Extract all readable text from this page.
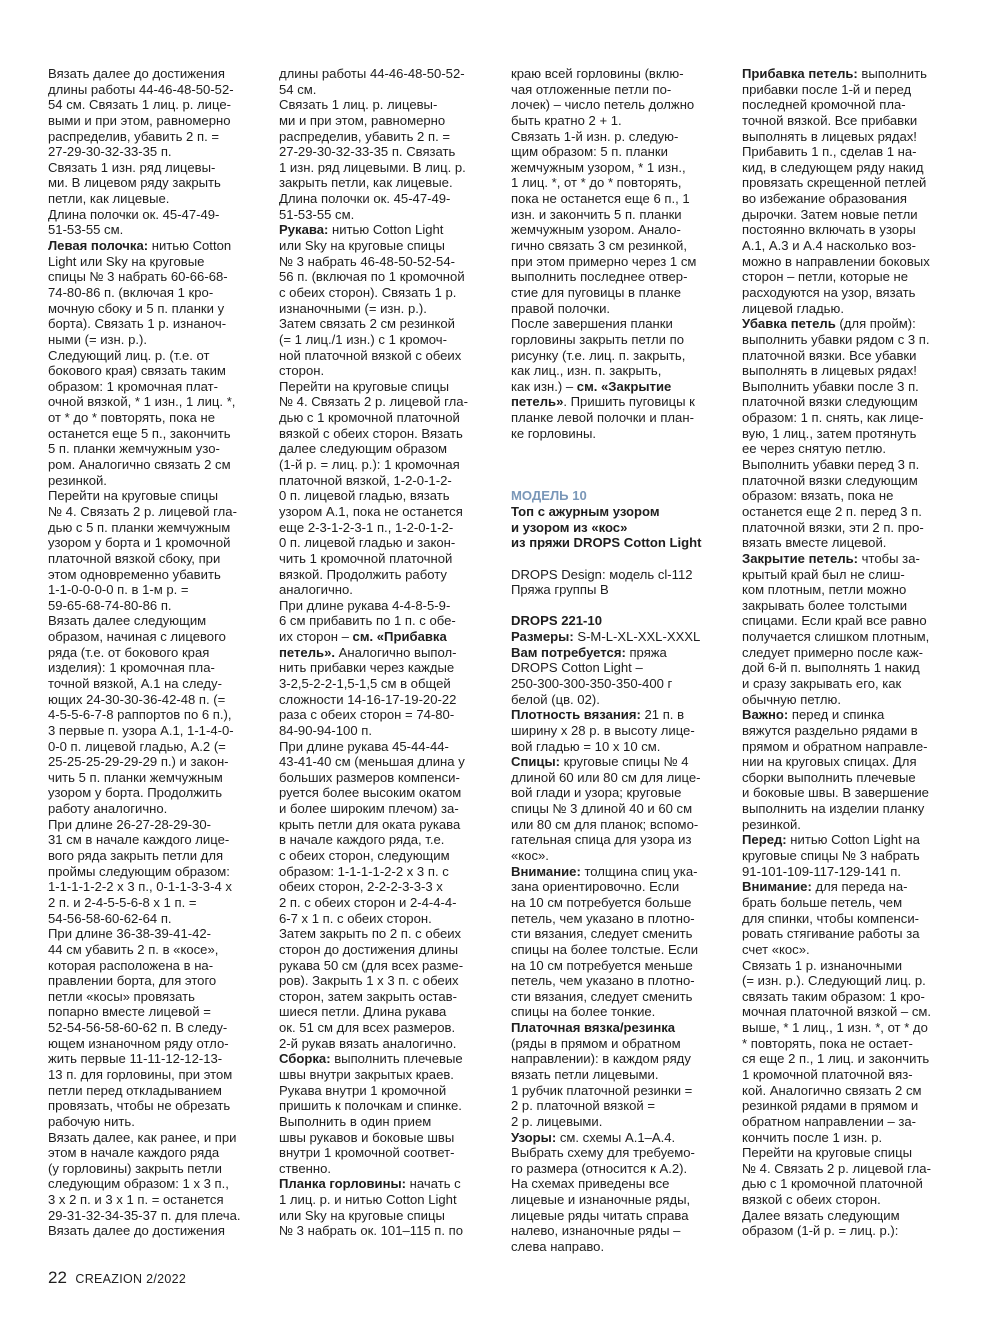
Вязать далее до достижения
длины работы 44-46-48-50-52-
54 см. Связать 1 лиц. р. лице-
выми и при этом, равномерно
распределив, убавить 2 п. =
27-29-30-32-33-35 п.
Связать 1 изн. ряд лицевы-
ми. В лицевом ряду закрыть
петли, как лицевые.
Длина полочки ок. 45-47-49-
51-53-55 см.
Левая полочка: нитью Cotton
Light или Sky на круговые
спицы № 3 набрать 60-66-68-
74-80-86 п. (включая 1 кро-
мочную сбоку и 5 п. планки у
борта). Связать 1 р. изнаноч-
ными (= изн. р.).
Следующий лиц. р. (т.е. от
бокового края) связать таким
образом: 1 кромочная плат-
очной вязкой, * 1 изн., 1 лиц. *,
от * до * повторять, пока не
останется еще 5 п., закончить
5 п. планки жемчужным узо-
ром. Аналогично связать 2 см
резинкой.
Перейти на круговые спицы
№ 4. Связать 2 р. лицевой гла-
дью с 5 п. планки жемчужным
узором у борта и 1 кромочной
платочной вязкой сбоку, при
этом одновременно убавить
1-1-0-0-0-0 п. в 1-м р. =
59-65-68-74-80-86 п.
Вязать далее следующим
образом, начиная с лицевого
ряда (т.е. от бокового края
изделия): 1 кромочная пла-
точной вязкой, А.1 на следу-
ющих 24-30-30-36-42-48 п. (=
4-5-5-6-7-8 раппортов по 6 п.),
3 первые п. узора А.1, 1-1-4-0-
0-0 п. лицевой гладью, А.2 (=
25-25-25-29-29-29 п.) и закон-
чить 5 п. планки жемчужным
узором у борта. Продолжить
работу аналогично.
При длине 26-27-28-29-30-
31 см в начале каждого лице-
вого ряда закрыть петли для
проймы следующим образом:
1-1-1-1-2-2 х 3 п., 0-1-1-3-3-4 х
2 п. и 2-4-5-5-6-8 х 1 п. =
54-56-58-60-62-64 п.
При длине 36-38-39-41-42-
44 см убавить 2 п. в «косе»,
которая расположена в на-
правлении борта, для этого
петли «косы» провязать
попарно вместе лицевой =
52-54-56-58-60-62 п. В следу-
ющем изнаночном ряду отло-
жить первые 11-11-12-12-13-
13 п. для горловины, при этом
петли перед откладыванием
провязать, чтобы не обрезать
рабочую нить.
Вязать далее, как ранее, и при
этом в начале каждого ряда
(у горловины) закрыть петли
следующим образом: 1 х 3 п.,
3 х 2 п. и 3 х 1 п. = останется
29-31-32-34-35-37 п. для плеча.
Вязать далее до достижения
длины работы 44-46-48-50-52-
54 см.
Связать 1 лиц. р. лицевы-
ми и при этом, равномерно
распределив, убавить 2 п. =
27-29-30-32-33-35 п. Связать
1 изн. ряд лицевыми. В лиц. р.
закрыть петли, как лицевые.
Длина полочки ок. 45-47-49-
51-53-55 см.
Рукава: нитью Cotton Light
или Sky на круговые спицы
№ 3 набрать 46-48-50-52-54-
56 п. (включая по 1 кромочной
с обеих сторон). Связать 1 р.
изнаночными (= изн. р.).
Затем связать 2 см резинкой
(= 1 лиц./1 изн.) с 1 кромоч-
ной платочной вязкой с обеих
сторон.
Перейти на круговые спицы
№ 4. Связать 2 р. лицевой гла-
дью с 1 кромочной платочной
вязкой с обеих сторон. Вязать
далее следующим образом
(1-й р. = лиц. р.): 1 кромочная
платочной вязкой, 1-2-0-1-2-
0 п. лицевой гладью, вязать
узором А.1, пока не останется
еще 2-3-1-2-3-1 п., 1-2-0-1-2-
0 п. лицевой гладью и закон-
чить 1 кромочной платочной
вязкой. Продолжить работу
аналогично.
При длине рукава 4-4-8-5-9-
6 см прибавить по 1 п. с обе-
их сторон – см. «Прибавка
петель». Аналогично выпол-
нить прибавки через каждые
3-2,5-2-2-1,5-1,5 см в общей
сложности 14-16-17-19-20-22
раза с обеих сторон = 74-80-
84-90-94-100 п.
При длине рукава 45-44-44-
43-41-40 см (меньшая длина у
больших размеров компенси-
руется более высоким окатом
и более широким плечом) за-
крыть петли для оката рукава
в начале каждого ряда, т.е.
с обеих сторон, следующим
образом: 1-1-1-1-2-2 х 3 п. с
обеих сторон, 2-2-2-3-3-3 х
2 п. с обеих сторон и 2-4-4-4-
6-7 х 1 п. с обеих сторон.
Затем закрыть по 2 п. с обеих
сторон до достижения длины
рукава 50 см (для всех разме-
ров). Закрыть 1 х 3 п. с обеих
сторон, затем закрыть остав-
шиеся петли. Длина рукава
ок. 51 см для всех размеров.
2-й рукав вязать аналогично.
Сборка: выполнить плечевые
швы внутри закрытых краев.
Рукава внутри 1 кромочной
пришить к полочкам и спинке.
Выполнить в один прием
швы рукавов и боковые швы
внутри 1 кромочной соответ-
ственно.
Планка горловины: начать с
1 лиц. р. и нитью Cotton Light
или Sky на круговые спицы
№ 3 набрать ок. 101–115 п. по
краю всей горловины (вклю-
чая отложенные петли по-
лочек) – число петель должно
быть кратно 2 + 1.
Связать 1-й изн. р. следую-
щим образом: 5 п. планки
жемчужным узором, * 1 изн.,
1 лиц. *, от * до * повторять,
пока не останется еще 6 п., 1
изн. и закончить 5 п. планки
жемчужным узором. Анало-
гично связать 3 см резинкой,
при этом примерно через 1 см
выполнить последнее отвер-
стие для пуговицы в планке
правой полочки.
После завершения планки
горловины закрыть петли по
рисунку (т.е. лиц. п. закрыть,
как лиц., изн. п. закрыть,
как изн.) – см. «Закрытие
петель». Пришить пуговицы к
планке левой полочки и план-
ке горловины.
МОДЕЛЬ 10
Топ с ажурным узором
и узором из «кос»
из пряжи DROPS Cotton Light
DROPS Design: модель cl-112
Пряжа группы В
DROPS 221-10
Размеры: S-M-L-XL-XXL-XXXL
Вам потребуется: пряжа
DROPS Cotton Light –
250-300-300-350-350-400 г
белой (цв. 02).
Плотность вязания: 21 п. в
ширину х 28 р. в высоту лице-
вой гладью = 10 х 10 см.
Спицы: круговые спицы № 4
длиной 60 или 80 см для лице-
вой глади и узора; круговые
спицы № 3 длиной 40 и 60 см
или 80 см для планок; вспомо-
гательная спица для узора из
«кос».
Внимание: толщина спиц ука-
зана ориентировочно. Если
на 10 см потребуется больше
петель, чем указано в плотно-
сти вязания, следует сменить
спицы на более толстые. Если
на 10 см потребуется меньше
петель, чем указано в плотно-
сти вязания, следует сменить
спицы на более тонкие.
Платочная вязка/резинка
(ряды в прямом и обратном
направлении): в каждом ряду
вязать петли лицевыми.
1 рубчик платочной резинки =
2 р. платочной вязкой =
2 р. лицевыми.
Узоры: см. схемы А.1–А.4.
Выбрать схему для требуемо-
го размера (относится к А.2).
На схемах приведены все
лицевые и изнаночные ряды,
лицевые ряды читать справа
налево, изнаночные ряды –
слева направо.
Прибавка петель: выполнить
прибавки после 1-й и перед
последней кромочной пла-
точной вязкой. Все прибавки
выполнять в лицевых рядах!
Прибавить 1 п., сделав 1 на-
кид, в следующем ряду накид
провязать скрещенной петлей
во избежание образования
дырочки. Затем новые петли
постоянно включать в узоры
А.1, А.3 и А.4 насколько воз-
можно в направлении боковых
сторон – петли, которые не
расходуются на узор, вязать
лицевой гладью.
Убавка петель (для пройм):
выполнить убавки рядом с 3 п.
платочной вязки. Все убавки
выполнять в лицевых рядах!
Выполнить убавки после 3 п.
платочной вязки следующим
образом: 1 п. снять, как лице-
вую, 1 лиц., затем протянуть
ее через снятую петлю.
Выполнить убавки перед 3 п.
платочной вязки следующим
образом: вязать, пока не
останется еще 2 п. перед 3 п.
платочной вязки, эти 2 п. про-
вязать вместе лицевой.
Закрытие петель: чтобы за-
крытый край был не слиш-
ком плотным, петли можно
закрывать более толстыми
спицами. Если край все равно
получается слишком плотным,
следует примерно после каж-
дой 6-й п. выполнять 1 накид
и сразу закрывать его, как
обычную петлю.
Важно: перед и спинка
вяжутся раздельно рядами в
прямом и обратном направле-
нии на круговых спицах. Для
сборки выполнить плечевые
и боковые швы. В завершение
выполнить на изделии планку
резинкой.
Перед: нитью Cotton Light на
круговые спицы № 3 набрать
91-101-109-117-129-141 п.
Внимание: для переда на-
брать больше петель, чем
для спинки, чтобы компенси-
ровать стягивание работы за
счет «кос».
Связать 1 р. изнаночными
(= изн. р.). Следующий лиц. р.
связать таким образом: 1 кро-
мочная платочной вязкой – см.
выше, * 1 лиц., 1 изн. *, от * до
* повторять, пока не остает-
ся еще 2 п., 1 лиц. и закончить
1 кромочной платочной вяз-
кой. Аналогично связать 2 см
резинкой рядами в прямом и
обратном направлении – за-
кончить после 1 изн. р.
Перейти на круговые спицы
№ 4. Связать 2 р. лицевой гла-
дью с 1 кромочной платочной
вязкой с обеих сторон.
Далее вязать следующим
образом (1-й р. = лиц. р.):
22 CREAZION 2/2022
